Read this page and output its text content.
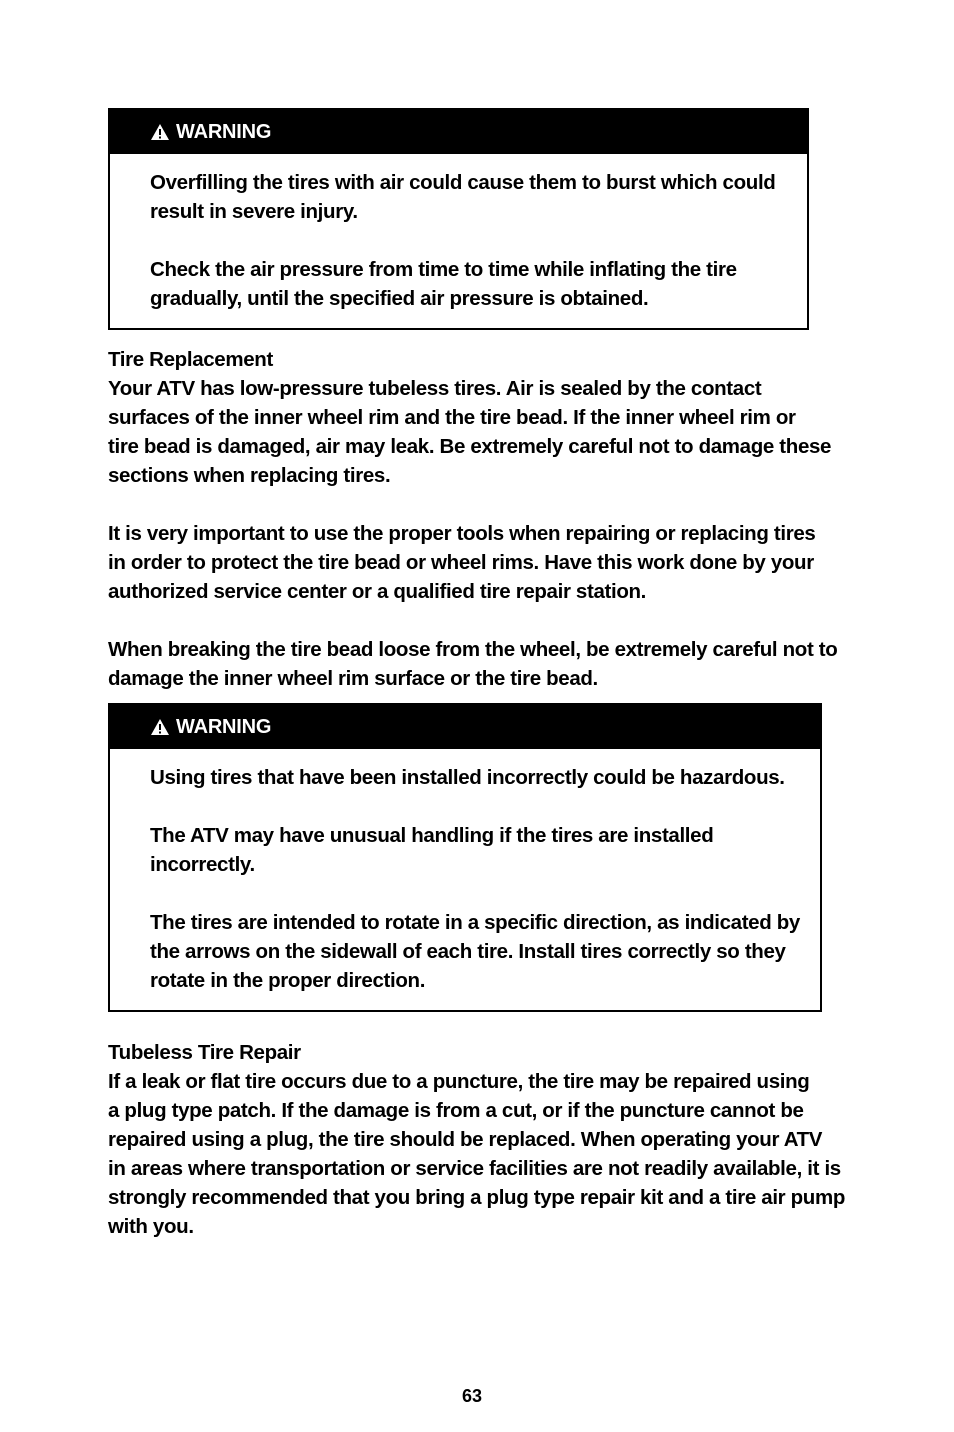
WARNING

Overfilling the tires with air could cause them to burst which could
result in severe injury.

Check the air pressure from time to time while inflating the tire
gradually, until the specified air pressure is obtained.

Tire Replacement

Your ATV has low-pressure tubeless tires. Air is sealed by the contact
surfaces of the inner wheel rim and the tire bead. If the inner wheel rim or
tire bead is damaged, air may leak. Be extremely careful not to damage these
sections when replacing tires.

It is very important to use the proper tools when repairing or replacing tires
in order to protect the tire bead or wheel rims. Have this work done by your
authorized service center or a qualified tire repair station.

When breaking the tire bead loose from the wheel, be extremely careful not to
damage the inner wheel rim surface or the tire bead.

WARNING

Using tires that have been installed incorrectly could be hazardous.

The ATV may have unusual handling if the tires are installed
incorrectly.

The tires are intended to rotate in a specific direction, as indicated by
the arrows on the sidewall of each tire. Install tires correctly so they
rotate in the proper direction.

Tubeless Tire Repair

If a leak or flat tire occurs due to a puncture, the tire may be repaired using
a plug type patch. If the damage is from a cut, or if the puncture cannot be
repaired using a plug, the tire should be replaced. When operating your ATV
in areas where transportation or service facilities are not readily available, it is
strongly recommended that you bring a plug type repair kit and a tire air pump
with you.

63
